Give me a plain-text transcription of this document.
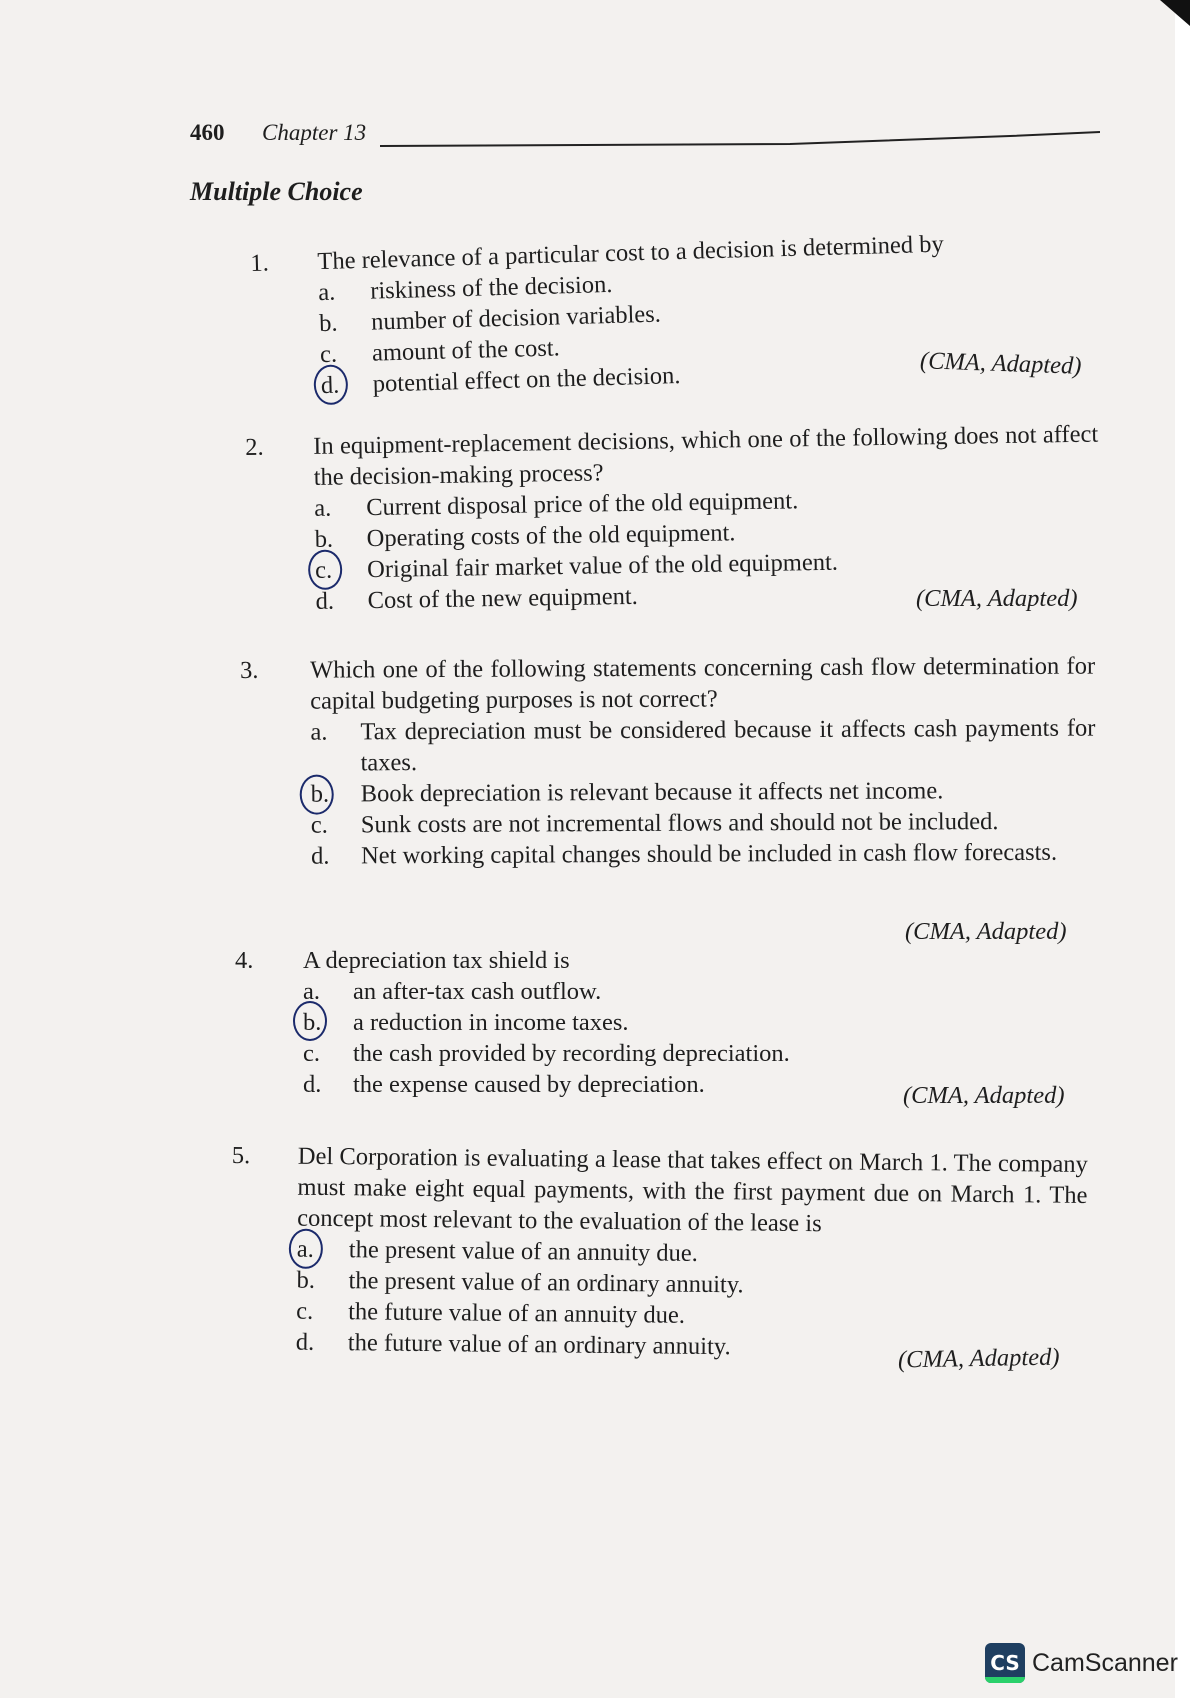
460 Chapter 13
Multiple Choice
1. The relevance of a particular cost to a decision is determined by
a.	riskiness of the decision.
b.	number of decision variables.
c.	amount of the cost.
d.	potential effect on the decision.	(CMA, Adapted)
2. In equipment-replacement decisions, which one of the following does not affect the decision-making process?
a.	Current disposal price of the old equipment.
b.	Operating costs of the old equipment.
c.	Original fair market value of the old equipment.
d.	Cost of the new equipment.	(CMA, Adapted)
3. Which one of the following statements concerning cash flow determination for capital budgeting purposes is not correct?
a.	Tax depreciation must be considered because it affects cash payments for taxes.
b.	Book depreciation is relevant because it affects net income.
c.	Sunk costs are not incremental flows and should not be included.
d.	Net working capital changes should be included in cash flow forecasts.
(CMA, Adapted)
4. A depreciation tax shield is
a.	an after-tax cash outflow.
b.	a reduction in income taxes.
c.	the cash provided by recording depreciation.
d.	the expense caused by depreciation.	(CMA, Adapted)
5. Del Corporation is evaluating a lease that takes effect on March 1. The company must make eight equal payments, with the first payment due on March 1. The concept most relevant to the evaluation of the lease is
a.	the present value of an annuity due.
b.	the present value of an ordinary annuity.
c.	the future value of an annuity due.
d.	the future value of an ordinary annuity.	(CMA, Adapted)
CS CamScanner
